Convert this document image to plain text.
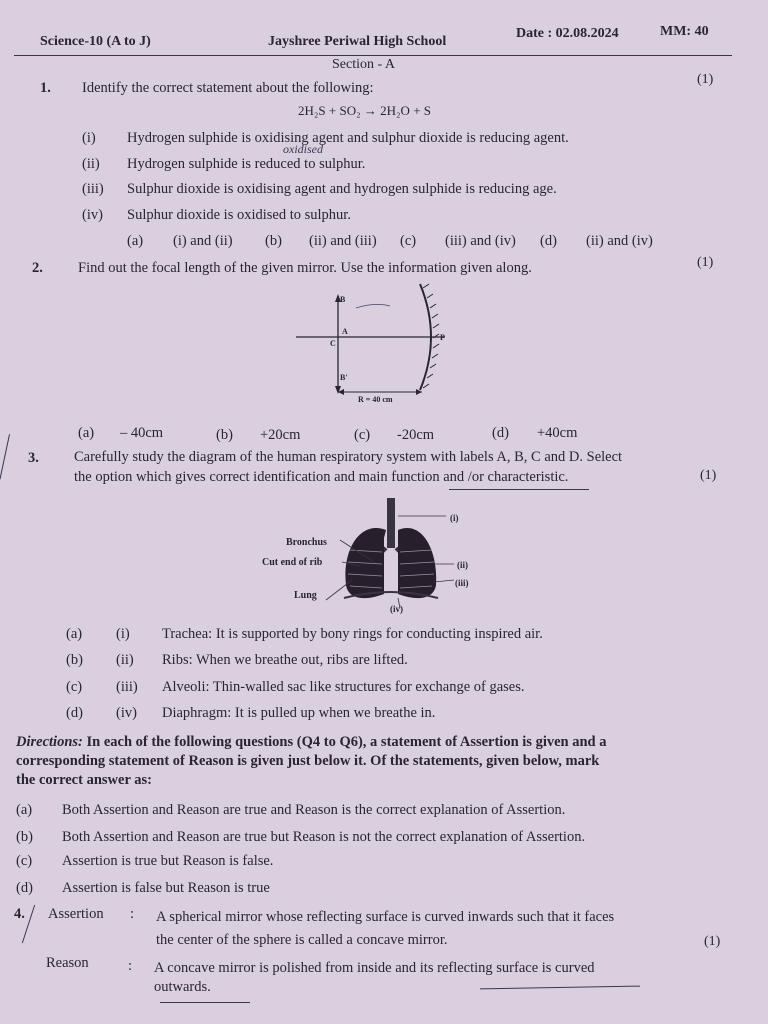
Science-10 (A to J)	Jayshree Periwal High School
Date : 02.08.2024	MM: 40
Section - A
1. Identify the correct statement about the following:
(1)
2H₂S + SO₂ → 2H₂O + S
(i) Hydrogen sulphide is oxidising agent and sulphur dioxide is reducing agent.
(ii) Hydrogen sulphide is reduced to sulphur.
oxidised
(iii) Sulphur dioxide is oxidising agent and hydrogen sulphide is reducing age.
(iv) Sulphur dioxide is oxidised to sulphur.
(a) (i) and (ii) (b) (ii) and (iii) (c) (iii) and (iv) (d) (ii) and (iv)
2. Find out the focal length of the given mirror. Use the information given along.	(1)
B
A
C
B'
P
R = 40 cm
(a) – 40cm	(b) +20cm	(c) -20cm	(d) +40cm
3. Carefully study the diagram of the human respiratory system with labels A, B, C and D. Select
the option which gives correct identification and main function and /or characteristic.	(1)
Bronchus
Cut end of rib
Lung
(i)
(ii)
(iii)
(iv)
(a) (i) Trachea: It is supported by bony rings for conducting inspired air.
(b) (ii) Ribs: When we breathe out, ribs are lifted.
(c) (iii) Alveoli: Thin-walled sac like structures for exchange of gases.
(d) (iv) Diaphragm: It is pulled up when we breathe in.
Directions: In each of the following questions (Q4 to Q6), a statement of Assertion is given and a
corresponding statement of Reason is given just below it. Of the statements, given below, mark
the correct answer as:
(a) Both Assertion and Reason are true and Reason is the correct explanation of Assertion.
(b) Both Assertion and Reason are true but Reason is not the correct explanation of Assertion.
(c) Assertion is true but Reason is false.
(d) Assertion is false but Reason is true
4. Assertion : A spherical mirror whose reflecting surface is curved inwards such that it faces
the center of the sphere is called a concave mirror.	(1)
Reason	: A concave mirror is polished from inside and its reflecting surface is curved
outwards.
